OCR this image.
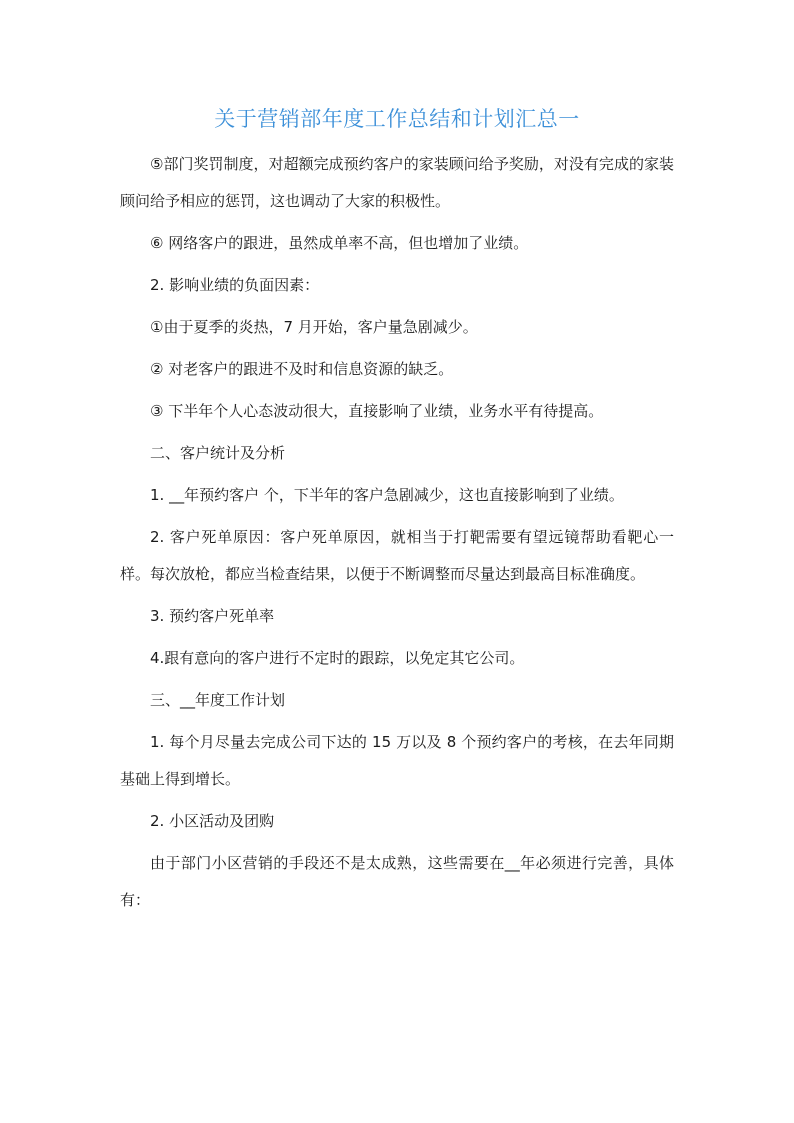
关于营销部年度工作总结和计划汇总一

⑤部门奖罚制度，对超额完成预约客户的家装顾问给予奖励，对没有完成的家装顾问给予相应的惩罚，这也调动了大家的积极性。

⑥ 网络客户的跟进，虽然成单率不高，但也增加了业绩。

2. 影响业绩的负面因素：

①由于夏季的炎热，7 月开始，客户量急剧减少。

② 对老客户的跟进不及时和信息资源的缺乏。

③ 下半年个人心态波动很大，直接影响了业绩，业务水平有待提高。

二、客户统计及分析

1. __年预约客户 个，下半年的客户急剧减少，这也直接影响到了业绩。

2. 客户死单原因：客户死单原因，就相当于打靶需要有望远镜帮助看靶心一样。每次放枪，都应当检查结果，以便于不断调整而尽量达到最高目标准确度。

3. 预约客户死单率

4.跟有意向的客户进行不定时的跟踪，以免定其它公司。

三、__年度工作计划

1. 每个月尽量去完成公司下达的 15 万以及 8 个预约客户的考核，在去年同期基础上得到增长。

2. 小区活动及团购

由于部门小区营销的手段还不是太成熟，这些需要在__年必须进行完善，具体有：
